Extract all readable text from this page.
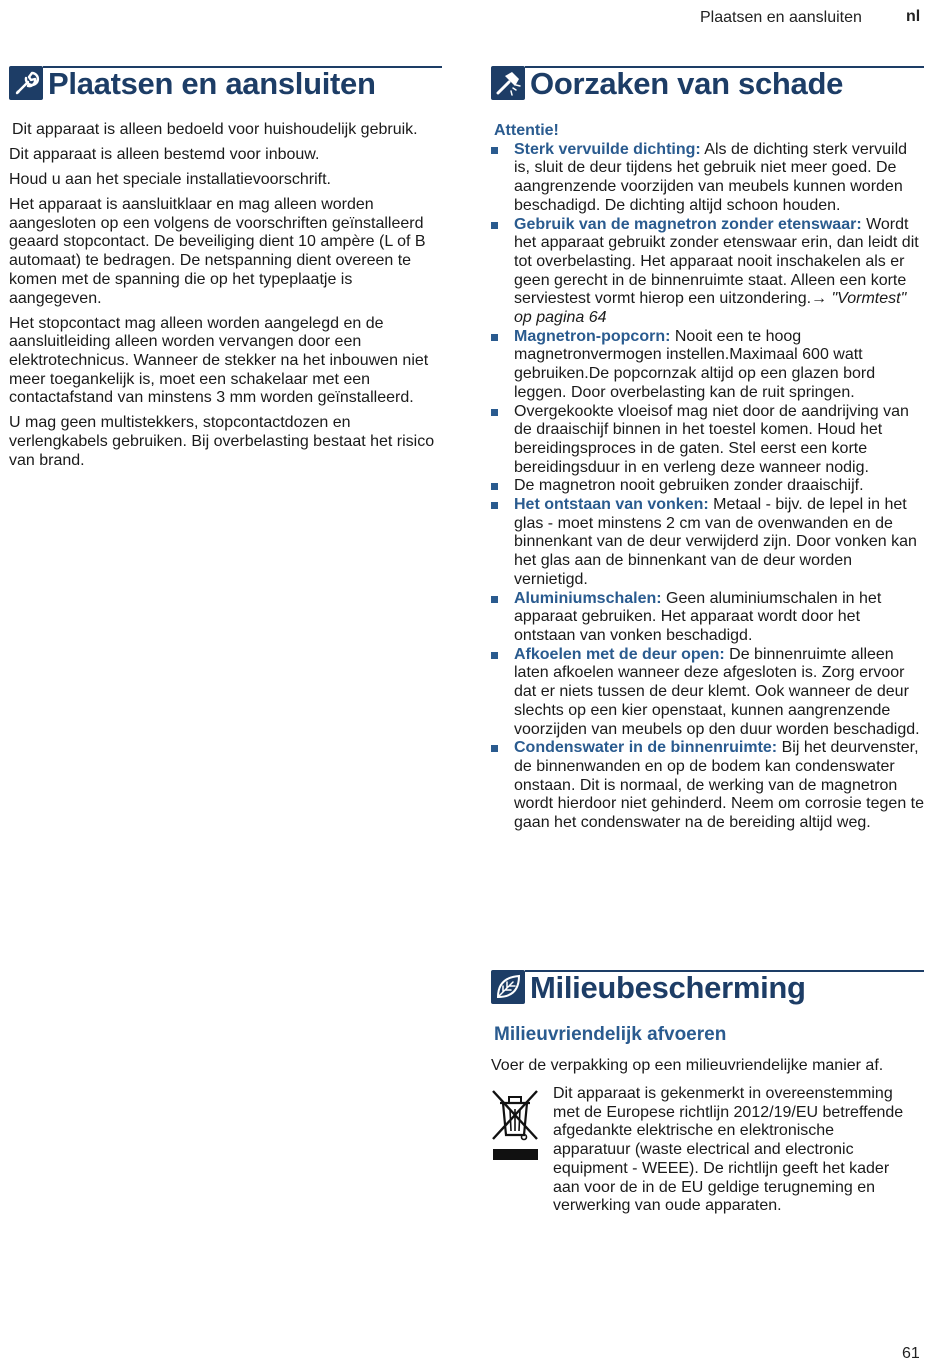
Plaatsen en aansluiten	nl
Plaatsen en aansluiten

Dit apparaat is alleen bedoeld voor huishoudelijk gebruik.

Dit apparaat is alleen bestemd voor inbouw.

Houd u aan het speciale installatievoorschrift.

Het apparaat is aansluitklaar en mag alleen worden aangesloten op een volgens de voorschriften geïnstalleerd geaard stopcontact. De beveiliging dient 10 ampère (L of B automaat) te bedragen. De netspanning dient overeen te komen met de spanning die op het typeplaatje is aangegeven.

Het stopcontact mag alleen worden aangelegd en de aansluitleiding alleen worden vervangen door een elektrotechnicus. Wanneer de stekker na het inbouwen niet meer toegankelijk is, moet een schakelaar met een contactafstand van minstens 3 mm worden geïnstalleerd.

U mag geen multistekkers, stopcontactdozen en verlengkabels gebruiken. Bij overbelasting bestaat het risico van brand.

Oorzaken van schade
Attentie!
Sterk vervuilde dichting: Als de dichting sterk vervuild is, sluit de deur tijdens het gebruik niet meer goed. De aangrenzende voorzijden van meubels kunnen worden beschadigd. De dichting altijd schoon houden.
Gebruik van de magnetron zonder etenswaar: Wordt het apparaat gebruikt zonder etenswaar erin, dan leidt dit tot overbelasting. Het apparaat nooit inschakelen als er geen gerecht in de binnenruimte staat. Alleen een korte serviestest vormt hierop een uitzondering.→ "Vormtest" op pagina 64
Magnetron-popcorn: Nooit een te hoog magnetronvermogen instellen.Maximaal 600 watt gebruiken.De popcornzak altijd op een glazen bord leggen. Door overbelasting kan de ruit springen.
Overgekookte vloeisof mag niet door de aandrijving van de draaischijf binnen in het toestel komen. Houd het bereidingsproces in de gaten. Stel eerst een korte bereidingsduur in en verleng deze wanneer nodig.
De magnetron nooit gebruiken zonder draaischijf.
Het ontstaan van vonken: Metaal - bijv. de lepel in het glas - moet minstens 2 cm van de ovenwanden en de binnenkant van de deur verwijderd zijn. Door vonken kan het glas aan de binnenkant van de deur worden vernietigd.
Aluminiumschalen: Geen aluminiumschalen in het apparaat gebruiken. Het apparaat wordt door het ontstaan van vonken beschadigd.
Afkoelen met de deur open: De binnenruimte alleen laten afkoelen wanneer deze afgesloten is. Zorg ervoor dat er niets tussen de deur klemt. Ook wanneer de deur slechts op een kier openstaat, kunnen aangrenzende voorzijden van meubels op den duur worden beschadigd.
Condenswater in de binnenruimte: Bij het deurvenster, de binnenwanden en op de bodem kan condenswater onstaan. Dit is normaal, de werking van de magnetron wordt hierdoor niet gehinderd. Neem om corrosie tegen te gaan het condenswater na de bereiding altijd weg.
Milieubescherming
Milieuvriendelijk afvoeren
Voer de verpakking op een milieuvriendelijke manier af.
Dit apparaat is gekenmerkt in overeenstemming met de Europese richtlijn 2012/19/EU betreffende afgedankte elektrische en elektronische apparatuur (waste electrical and electronic equipment - WEEE). De richtlijn geeft het kader aan voor de in de EU geldige terugneming en verwerking van oude apparaten.
61
